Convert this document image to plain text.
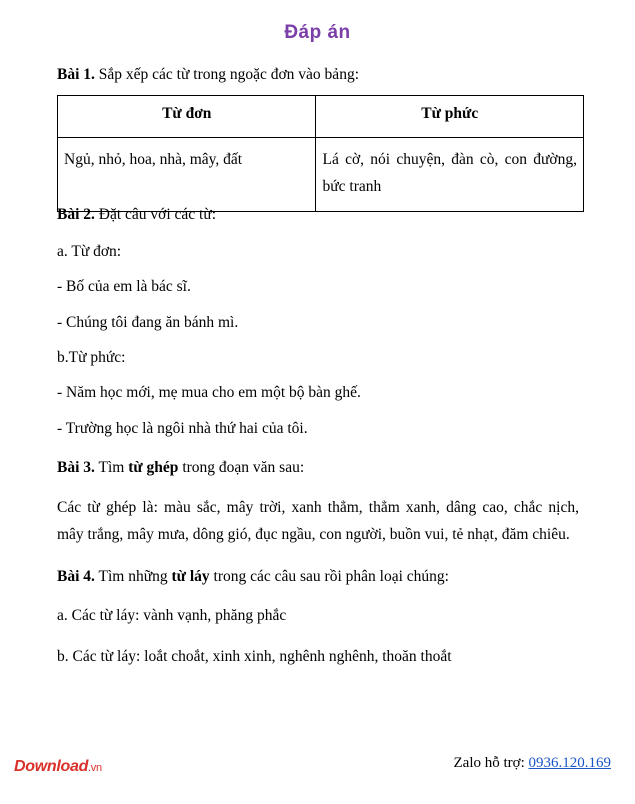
Đáp án
Bài 1. Sắp xếp các từ trong ngoặc đơn vào bảng:
Từ đơn	Từ phức
Ngủ, nhỏ, hoa, nhà, mây, đất	Lá cờ, nói chuyện, đàn cò, con đường, bức tranh
Bài 2. Đặt câu với các từ:
a. Từ đơn:
- Bố của em là bác sĩ.
- Chúng tôi đang ăn bánh mì.
b.Từ phức:
- Năm học mới, mẹ mua cho em một bộ bàn ghế.
- Trường học là ngôi nhà thứ hai của tôi.
Bài 3. Tìm từ ghép trong đoạn văn sau:
Các từ ghép là: màu sắc, mây trời, xanh thẳm, thẳm xanh, dâng cao, chắc nịch,
mây trắng, mây mưa, dông gió, đục ngầu, con người, buồn vui, tẻ nhạt, đăm chiêu.
Bài 4. Tìm những từ láy trong các câu sau rồi phân loại chúng:
a. Các từ láy: vành vạnh, phăng phắc
b. Các từ láy: loắt choắt, xinh xinh, nghênh nghênh, thoăn thoắt
Download.vn	Zalo hỗ trợ: 0936.120.169
